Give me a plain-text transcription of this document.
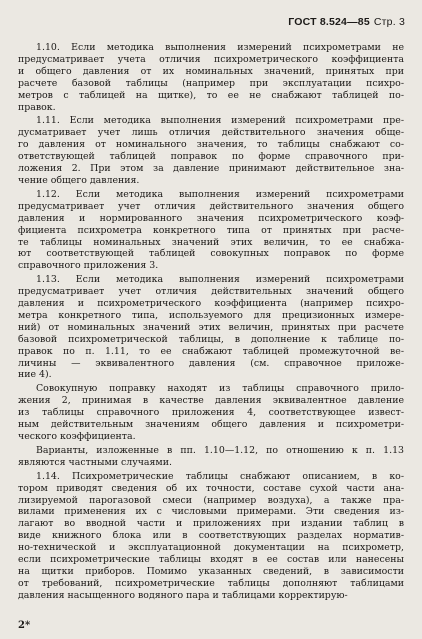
ГОСТ 8.524—85 Стр. 3
1.10. Если методика выполнения измерений психрометрами не
предусматривает учета отличия психрометрического коэффициента
и общего давления от их номинальных значений, принятых при
расчете базовой таблицы (например при эксплуатации психро-
метров с таблицей на щитке), то ее не снабжают таблицей по-
правок.
1.11. Если методика выполнения измерений психрометрами пре-
дусматривает учет лишь отличия действительного значения обще-
го давления от номинального значения, то таблицы снабжают со-
ответствующей таблицей поправок по форме справочного при-
ложения 2. При этом за давление принимают действительное зна-
чение общего давления.
1.12. Если методика выполнения измерений психрометрами
предусматривает учет отличия действительного значения общего
давления и нормированного значения психрометрического коэф-
фициента психрометра конкретного типа от принятых при расче-
те таблицы номинальных значений этих величин, то ее снабжа-
ют соответствующей таблицей совокупных поправок по форме
справочного приложения 3.
1.13. Если методика выполнения измерений психрометрами
предусматривает учет отличия действительных значений общего
давления и психрометрического коэффициента (например психро-
метра конкретного типа, используемого для прецизионных измере-
ний) от номинальных значений этих величин, принятых при расчете
базовой психрометрической таблицы, в дополнение к таблице по-
правок по п. 1.11, то ее снабжают таблицей промежуточной ве-
личины — эквивалентного давления (см. справочное приложе-
ние 4).
Совокупную поправку находят из таблицы справочного прило-
жения 2, принимая в качестве давления эквивалентное давление
из таблицы справочного приложения 4, соответствующее извест-
ным действительным значениям общего давления и психрометри-
ческого коэффициента.
Варианты, изложенные в пп. 1.10—1.12, по отношению к п. 1.13
являются частными случаями.
1.14. Психрометрические таблицы снабжают описанием, в ко-
тором приводят сведения об их точности, составе сухой части ана-
лизируемой парогазовой смеси (например воздуха), а также пра-
вилами применения их с числовыми примерами. Эти сведения из-
лагают во вводной части и приложениях при издании таблиц в
виде книжного блока или в соответствующих разделах норматив-
но-технической и эксплуатационной документации на психрометр,
если психрометрические таблицы входят в ее состав или нанесены
на щитки приборов. Помимо указанных сведений, в зависимости
от требований, психрометрические таблицы дополняют таблицами
давления насыщенного водяного пара и таблицами корректирую-
2*
